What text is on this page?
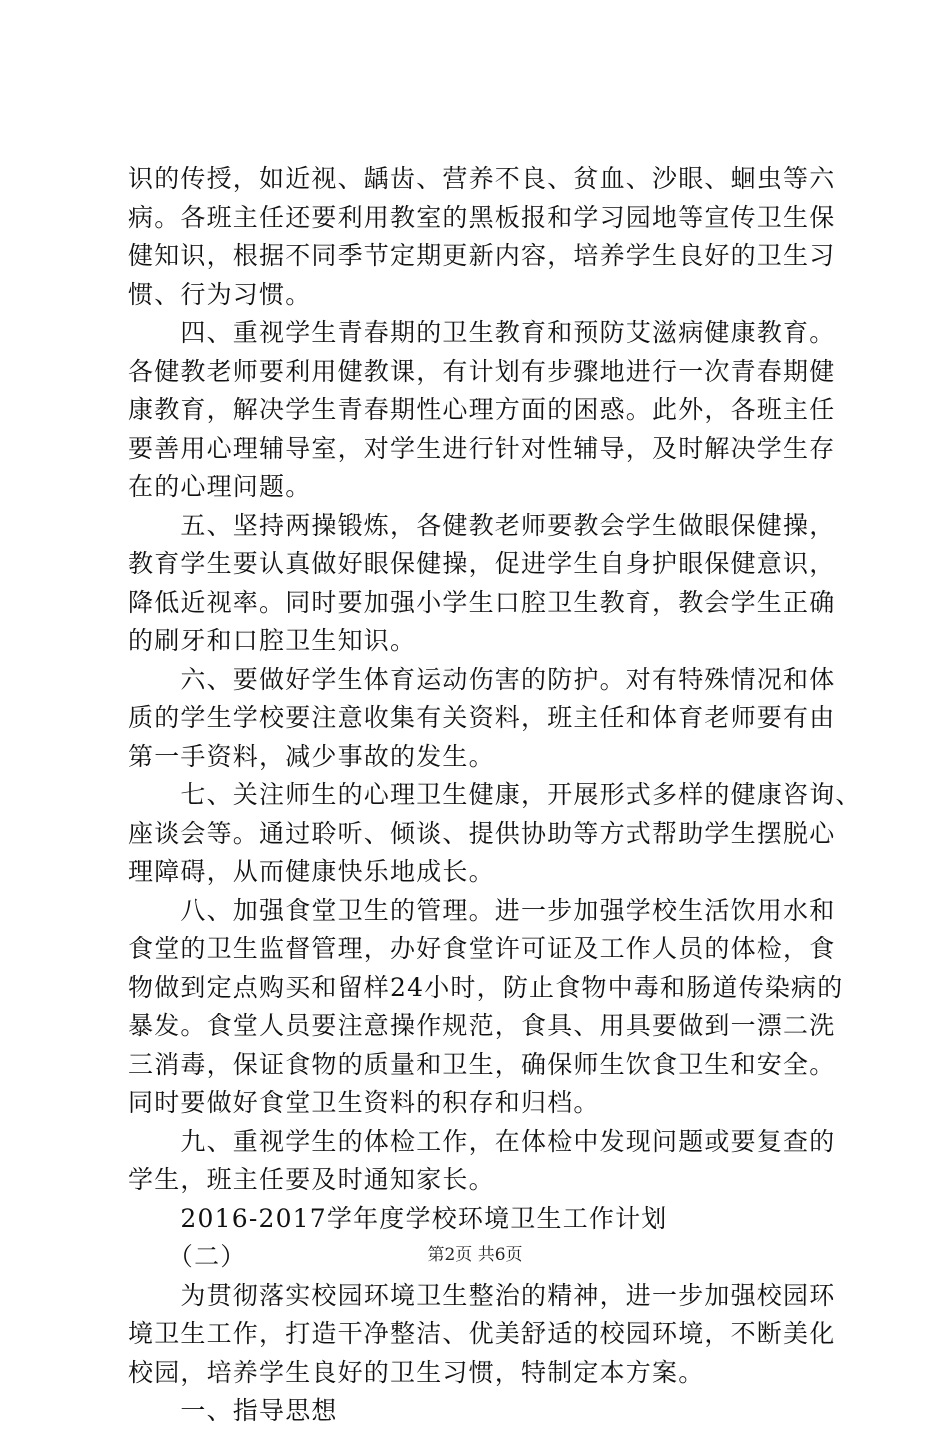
识的传授，如近视、龋齿、营养不良、贫血、沙眼、蛔虫等六
病。各班主任还要利用教室的黑板报和学习园地等宣传卫生保
健知识，根据不同季节定期更新内容，培养学生良好的卫生习
惯、行为习惯。
　　四、重视学生青春期的卫生教育和预防艾滋病健康教育。
各健教老师要利用健教课，有计划有步骤地进行一次青春期健
康教育，解决学生青春期性心理方面的困惑。此外，各班主任
要善用心理辅导室，对学生进行针对性辅导，及时解决学生存
在的心理问题。
　　五、坚持两操锻炼，各健教老师要教会学生做眼保健操，
教育学生要认真做好眼保健操，促进学生自身护眼保健意识，
降低近视率。同时要加强小学生口腔卫生教育，教会学生正确
的刷牙和口腔卫生知识。
　　六、要做好学生体育运动伤害的防护。对有特殊情况和体
质的学生学校要注意收集有关资料，班主任和体育老师要有由
第一手资料，减少事故的发生。
　　七、关注师生的心理卫生健康，开展形式多样的健康咨询、
座谈会等。通过聆听、倾谈、提供协助等方式帮助学生摆脱心
理障碍，从而健康快乐地成长。
　　八、加强食堂卫生的管理。进一步加强学校生活饮用水和
食堂的卫生监督管理，办好食堂许可证及工作人员的体检，食
物做到定点购买和留样24小时，防止食物中毒和肠道传染病的
暴发。食堂人员要注意操作规范，食具、用具要做到一漂二洗
三消毒，保证食物的质量和卫生，确保师生饮食卫生和安全。
同时要做好食堂卫生资料的积存和归档。
　　九、重视学生的体检工作，在体检中发现问题或要复查的
学生，班主任要及时通知家长。
　　2016-2017学年度学校环境卫生工作计划
　　（二）
　　为贯彻落实校园环境卫生整治的精神，进一步加强校园环
境卫生工作，打造干净整洁、优美舒适的校园环境，不断美化
校园，培养学生良好的卫生习惯，特制定本方案。
　　一、指导思想
第2页 共6页
